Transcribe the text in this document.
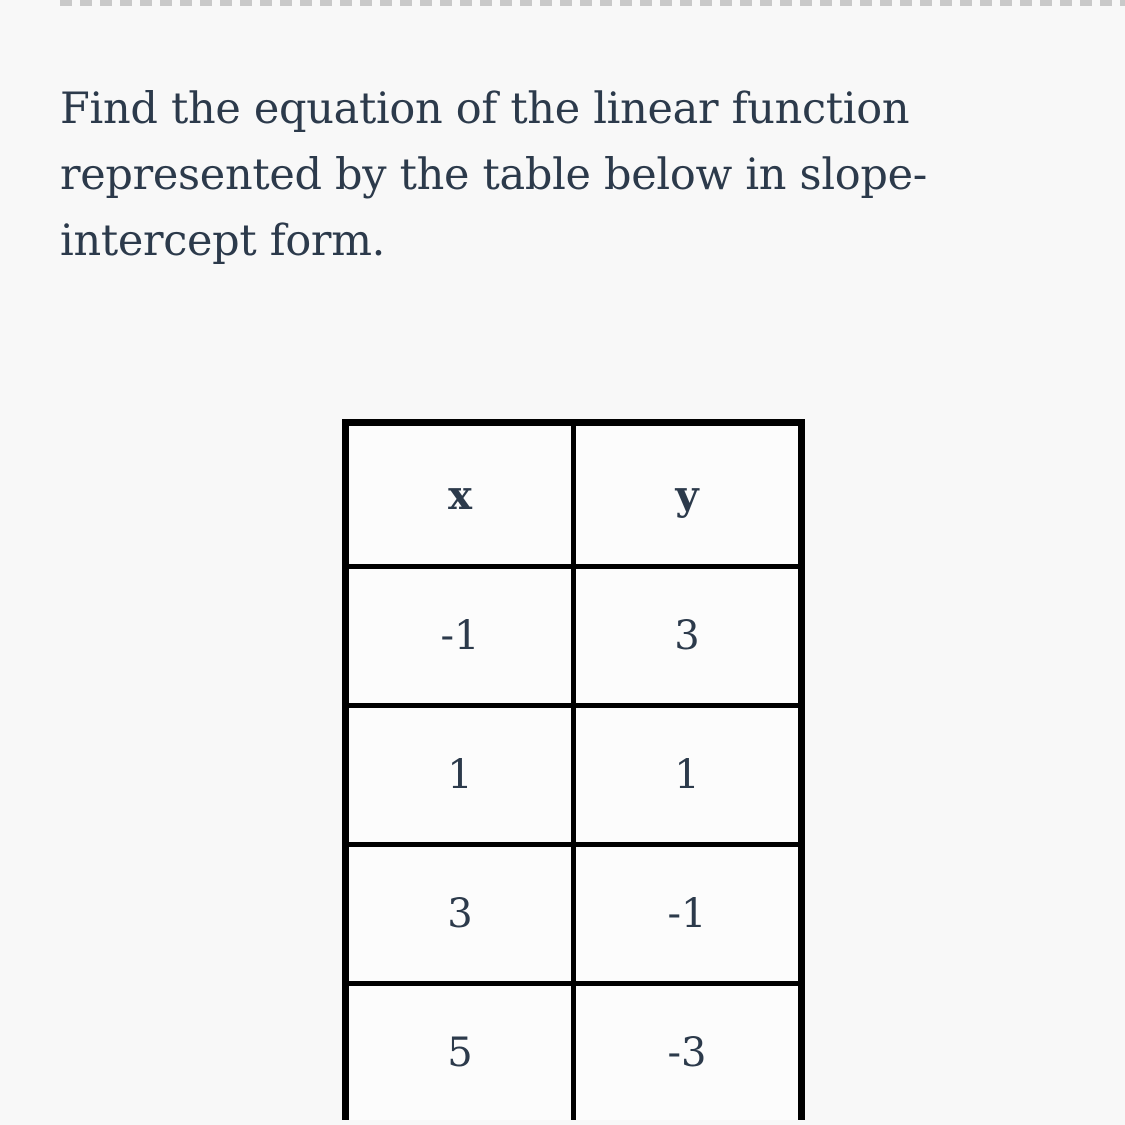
Find the equation of the linear function represented by the table below in slope-intercept form.

x	y
-1	3
1	1
3	-1
5	-3
